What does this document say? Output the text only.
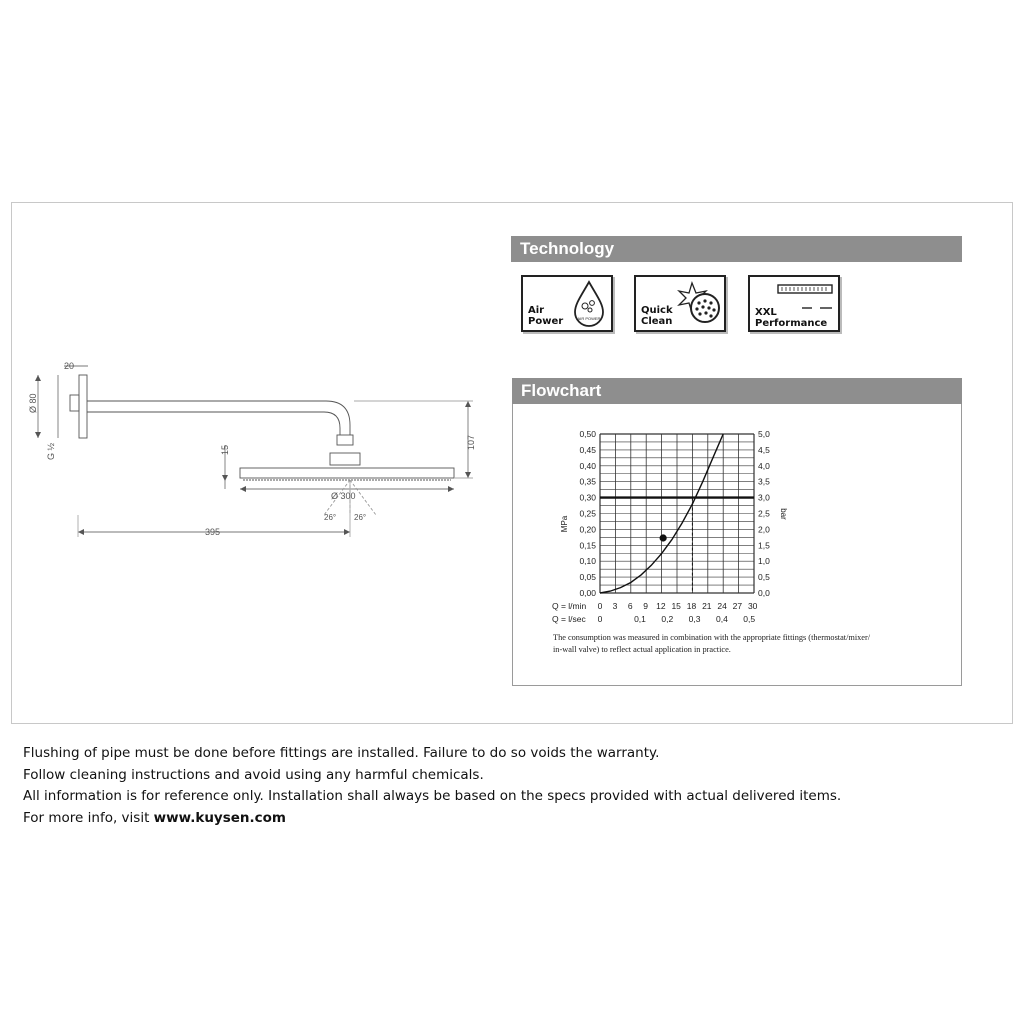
20
Ø 80
G ½	15	107
Ø 300
26° 26°
395
Technology
Air
Power	AIR POWER
Quick
Clean
XXL
Performance
Flowchart
0,00
0,05
0,10
0,15
0,20
0,25
0,30
0,35
0,40
0,45
0,50
0,0
0,5
1,0
1,5
2,0
2,5
3,0
3,5
4,0
4,5
5,0
MPa
bar
Q = l/min 0 3 6 9 12 15 18 21 24 27 30
Q = l/sec 0	0,1 0,2 0,3 0,4 0,5
The consumption was measured in combination with the appropriate fittings (thermostat/mixer/
in-wall valve) to reflect actual application in practice.
Flushing of pipe must be done before fittings are installed. Failure to do so voids the warranty.
Follow cleaning instructions and avoid using any harmful chemicals.
All information is for reference only. Installation shall always be based on the specs provided with actual delivered items.
For more info, visit www.kuysen.com
